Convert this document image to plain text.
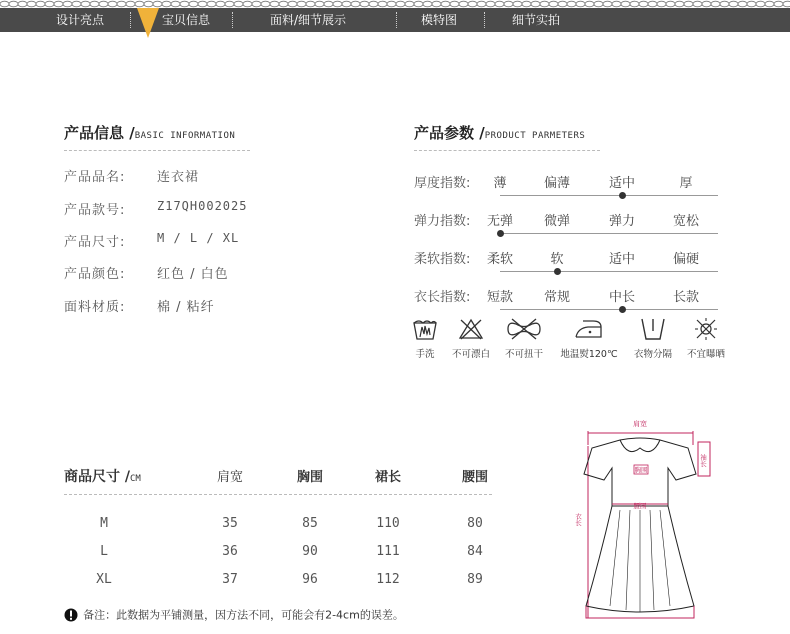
设计亮点	宝贝信息	面料/细节展示	模特图	细节实拍
产品信息 /BASIC INFORMATION
产品品名: 连衣裙
产品款号:	Z17QH002025
产品尺寸:	M / L / XL
产品颜色: 红色 / 白色
面料材质: 棉 / 粘纤
产品参数 /PRODUCT PARMETERS
厚度指数:	薄	偏薄	适中	厚
弹力指数:	无弹	微弹	弹力	宽松
柔软指数:	柔软	软	适中	偏硬
衣长指数:	短款	常规	中长	长款
手洗	不可漂白	不可扭干	地温熨120℃	衣物分隔	不宜曝晒
商品尺寸 /CM	肩宽	胸围	裙长	腰围
M	35	85	110	80
L	36	90	111	84
XL	37	96	112	89
备注：此数据为平铺测量，因方法不同，可能会有2-4cm的误差。
肩宽
袖长
衣长
胸围
腰围
